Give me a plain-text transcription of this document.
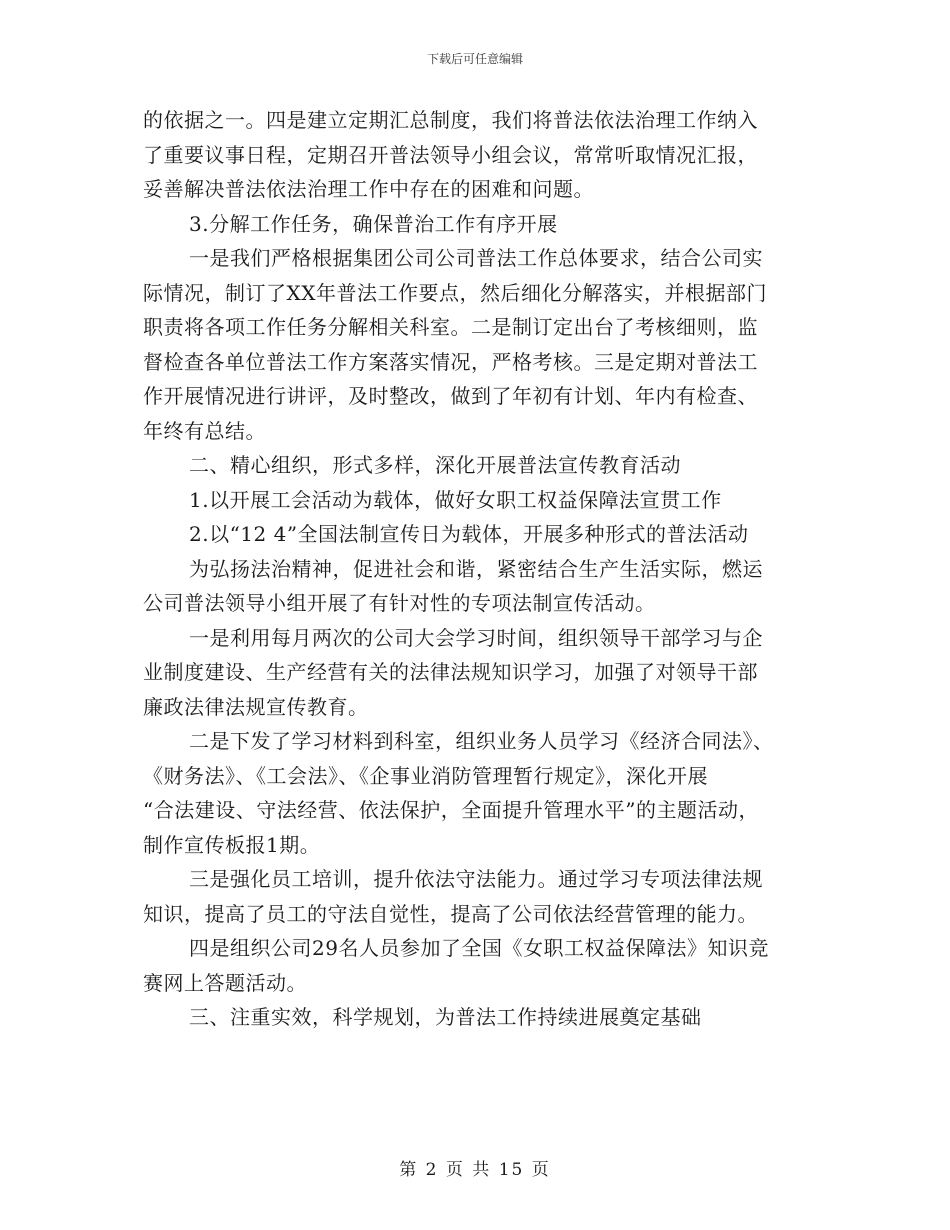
下载后可任意编辑
的依据之一。四是建立定期汇总制度，我们将普法依法治理工作纳入
了重要议事日程，定期召开普法领导小组会议，常常听取情况汇报，
妥善解决普法依法治理工作中存在的困难和问题。
3.分解工作任务，确保普治工作有序开展
一是我们严格根据集团公司公司普法工作总体要求，结合公司实
际情况，制订了XX年普法工作要点，然后细化分解落实，并根据部门
职责将各项工作任务分解相关科室。二是制订定出台了考核细则，监
督检查各单位普法工作方案落实情况，严格考核。三是定期对普法工
作开展情况进行讲评，及时整改，做到了年初有计划、年内有检查、
年终有总结。
二、精心组织，形式多样，深化开展普法宣传教育活动
1.以开展工会活动为载体，做好女职工权益保障法宣贯工作
2.以“12 4”全国法制宣传日为载体，开展多种形式的普法活动
为弘扬法治精神，促进社会和谐，紧密结合生产生活实际，燃运
公司普法领导小组开展了有针对性的专项法制宣传活动。
一是利用每月两次的公司大会学习时间，组织领导干部学习与企
业制度建设、生产经营有关的法律法规知识学习，加强了对领导干部
廉政法律法规宣传教育。
二是下发了学习材料到科室，组织业务人员学习《经济合同法》、
《财务法》、《工会法》、《企事业消防管理暂行规定》，深化开展
“合法建设、守法经营、依法保护，全面提升管理水平”的主题活动，
制作宣传板报1期。
三是强化员工培训，提升依法守法能力。通过学习专项法律法规
知识，提高了员工的守法自觉性，提高了公司依法经营管理的能力。
四是组织公司29名人员参加了全国《女职工权益保障法》知识竞
赛网上答题活动。
三、注重实效，科学规划，为普法工作持续进展奠定基础
第 2 页 共 15 页
